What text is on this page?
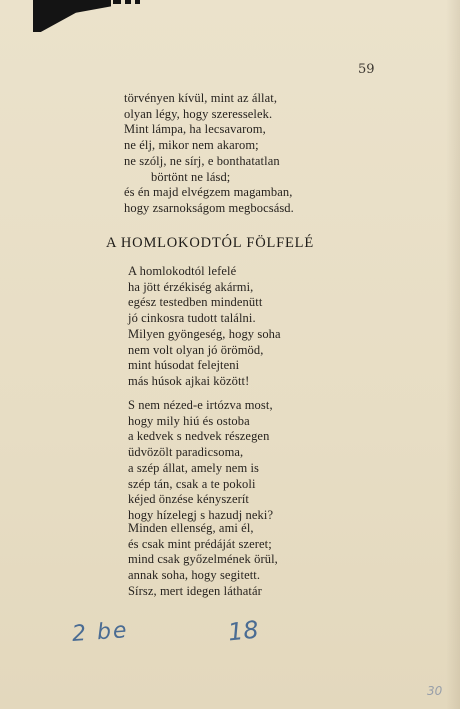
59
törvényen kívül, mint az állat,
olyan légy, hogy szeresselek.
Mint lámpa, ha lecsavarom,
ne élj, mikor nem akarom;
ne szólj, ne sírj, e bonthatatlan
börtönt ne lásd;
és én majd elvégzem magamban,
hogy zsarnokságom megbocsásd.
A HOMLOKODTÓL FÖLFELÉ
A homlokodtól lefelé
ha jött érzékiség akármi,
egész testedben mindenütt
jó cinkosra tudott találni.
Milyen gyöngeség, hogy soha
nem volt olyan jó örömöd,
mint húsodat felejteni
más húsok ajkai között!
S nem nézed-e irtózva most,
hogy mily hiú és ostoba
a kedvek s nedvek részegen
üdvözölt paradicsoma,
a szép állat, amely nem is
szép tán, csak a te pokoli
kéjed önzése kényszerít
hogy hízelegj s hazudj neki?
Minden ellenség, ami él,
és csak mint prédáját szeret;
mind csak győzelmének örül,
annak soha, hogy segitett.
Sírsz, mert idegen láthatár
2 be	18
30
